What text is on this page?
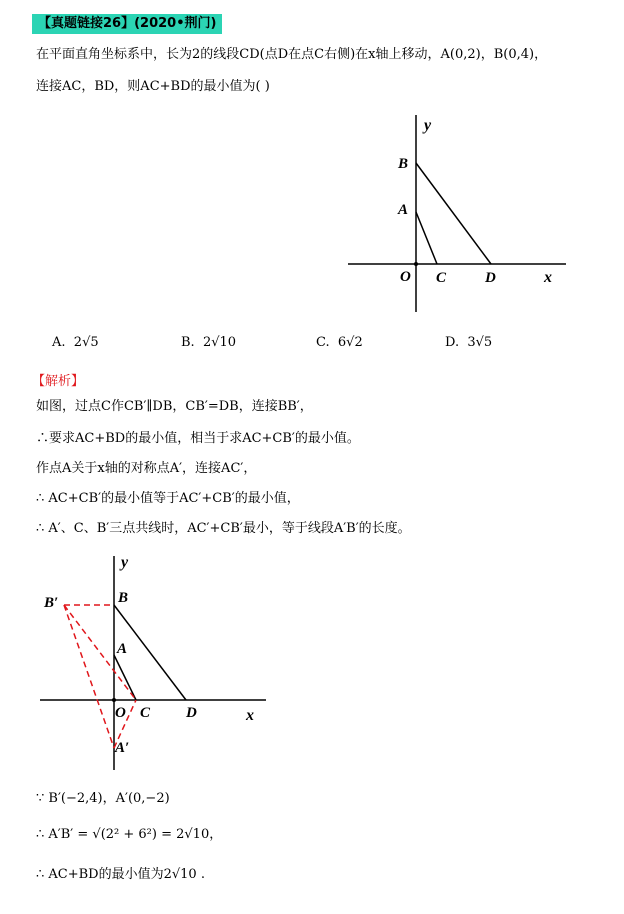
【真题链接26】(2020•荆门)
在平面直角坐标系中，长为2的线段CD(点D在点C右侧)在x轴上移动，A(0,2)，B(0,4)，
连接AC，BD，则AC+BD的最小值为( )
y
B
A
O C	D	x
A. 2√5	B. 2√10	C. 6√2	D. 3√5
【解析】
如图，过点C作CB′∥DB，CB′=DB，连接BB′，
∴要求AC+BD的最小值，相当于求AC+CB′的最小值。
作点A关于x轴的对称点A′，连接AC′，
∴ AC+CB′的最小值等于AC′+CB′的最小值，
∴ A′、C、B′三点共线时，AC′+CB′最小，等于线段A′B′的长度。
y
B′	B
A
O C D	x
A′
∵ B′(−2,4)，A′(0,−2)
∴ A′B′ = √(2² + 6²) = 2√10，
∴ AC+BD的最小值为2√10 .
